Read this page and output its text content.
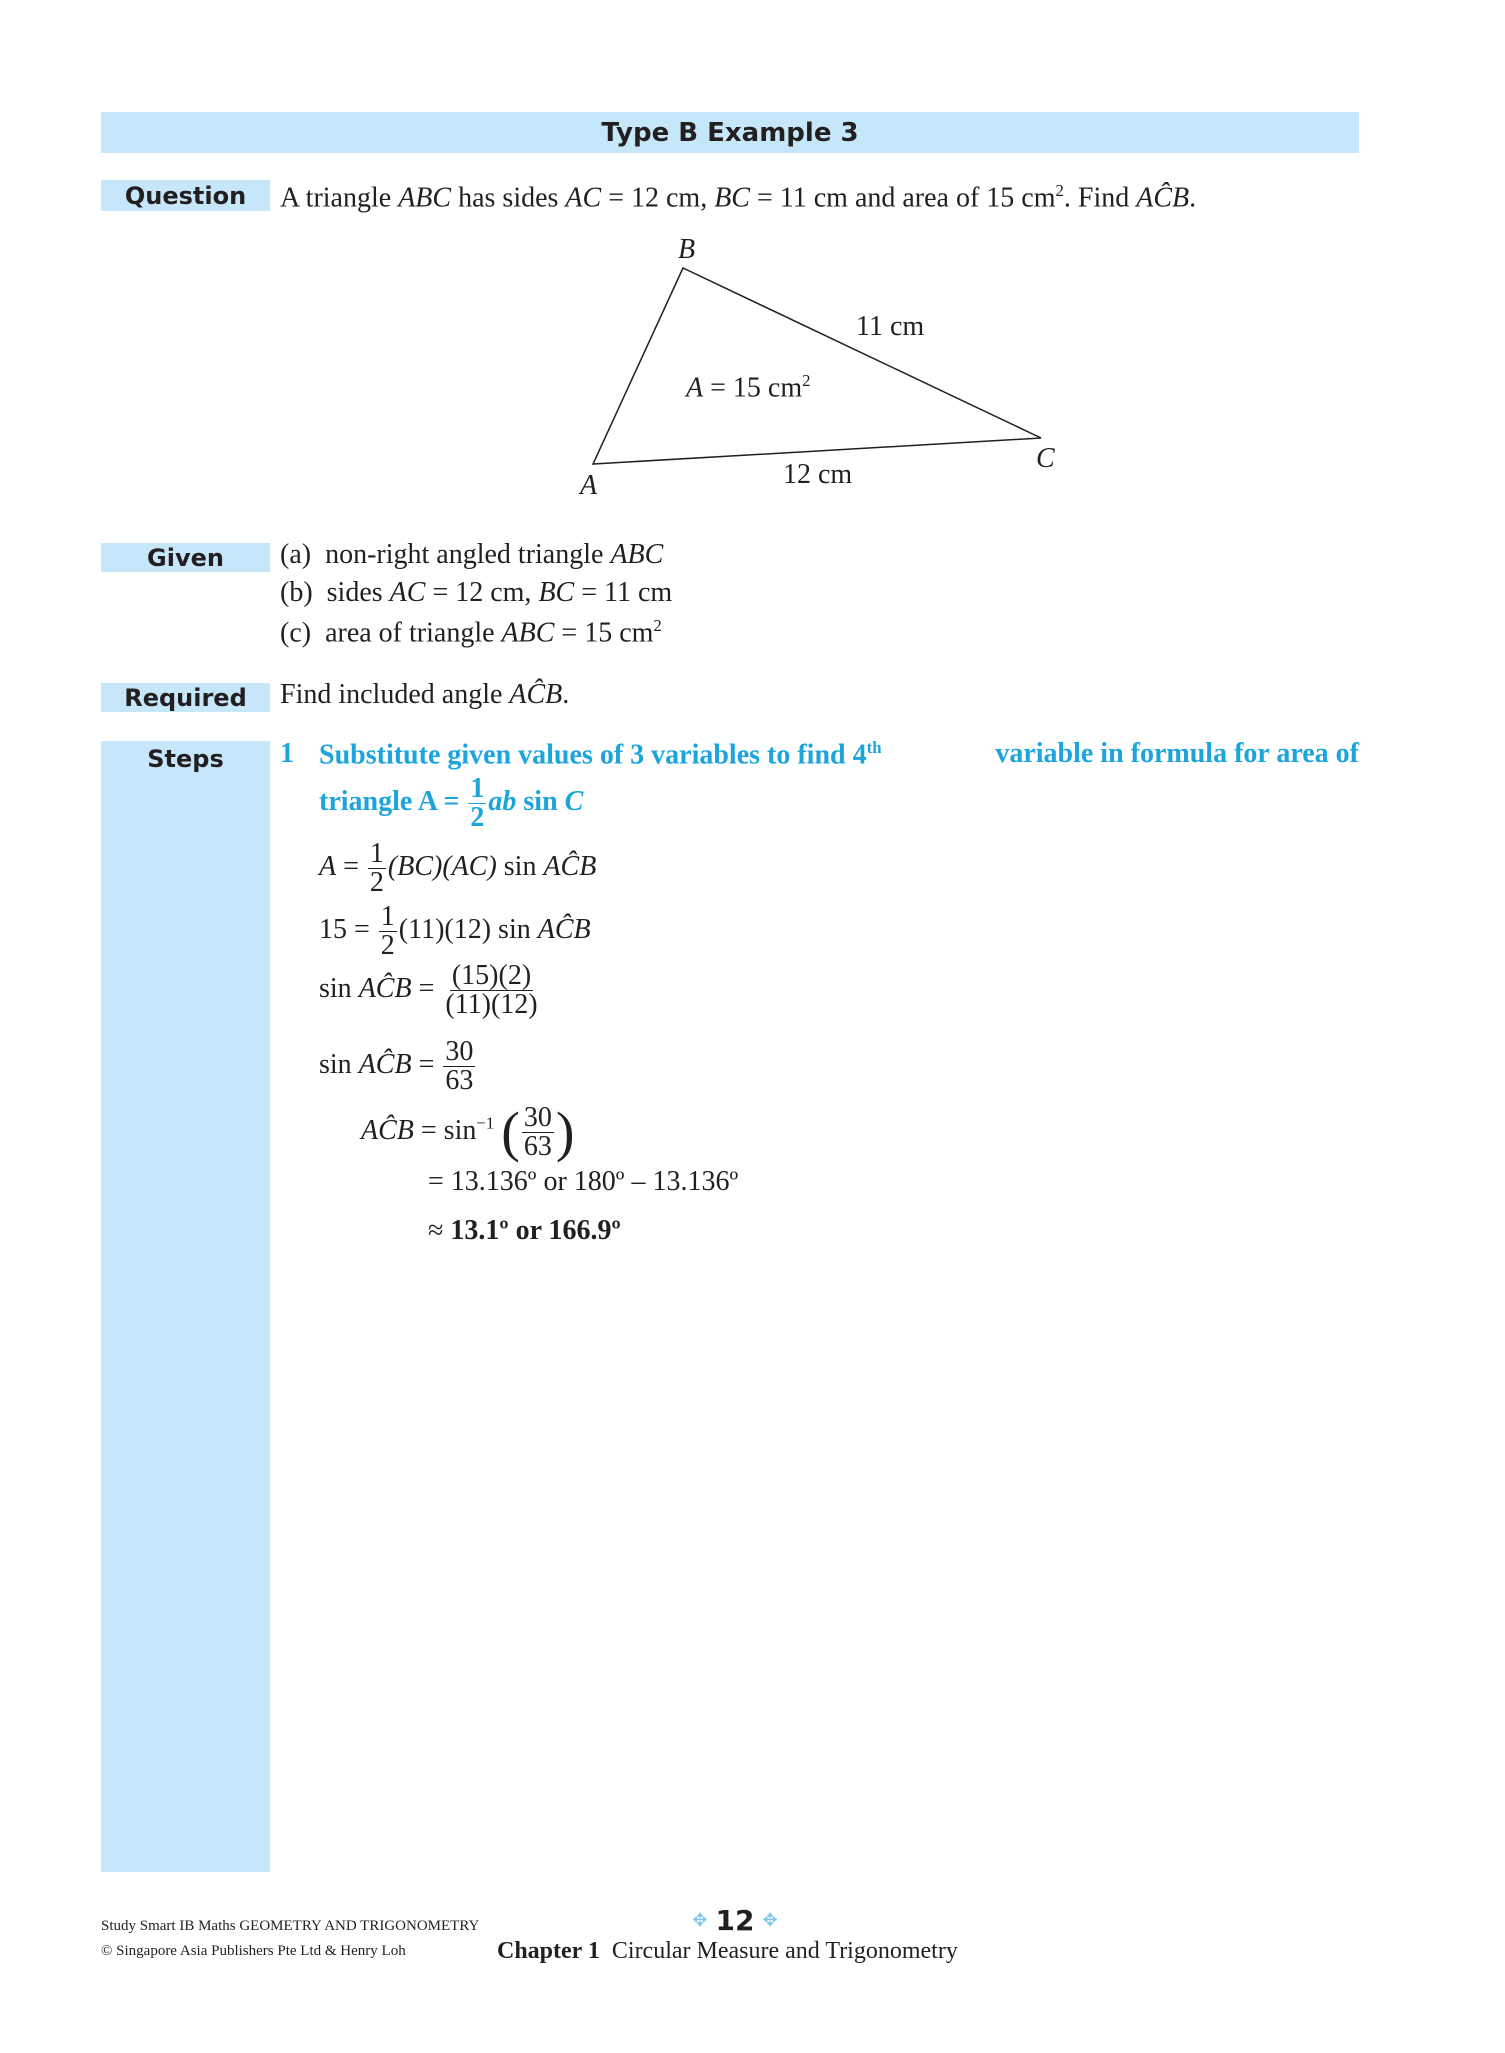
Type B Example 3
Question A triangle ABC has sides AC = 12 cm, BC = 11 cm and area of 15 $cm^2$. Find AĈB.
B
A
C
11 cm
12 cm
A = 15 $cm^2$
Given (a) non-right angled triangle ABC
(b) sides AC = 12 cm, BC = 11 cm
(c) area of triangle ABC = 15 $cm^2$
Required Find included angle AĈB.
Steps 1 Substitute given values of 3 variables to find 4th	variable in formula for area of
triangle $A = \frac{1}{2}$ ab sin C
$A = \frac{1}{2} (BC)(AC)$ sin AĈB
$15 = \frac{1}{2} (11)(12)$ sin AĈB
sin AĈB = $\frac{(15)(2)}{(11)(12)}$
sin AĈB = $\frac{30}{63}$
AĈB = $\sin^{-1}$ ( $\frac{30}{63}$ )
= 13.136º or 180º – 13.136º
≈ 13.1º or 166.9º
Study Smart IB Maths GEOMETRY AND TRIGONOMETRY
© Singapore Asia Publishers Pte Ltd & Henry Loh
✥ 12 ✥
Chapter 1 Circular Measure and Trigonometry
